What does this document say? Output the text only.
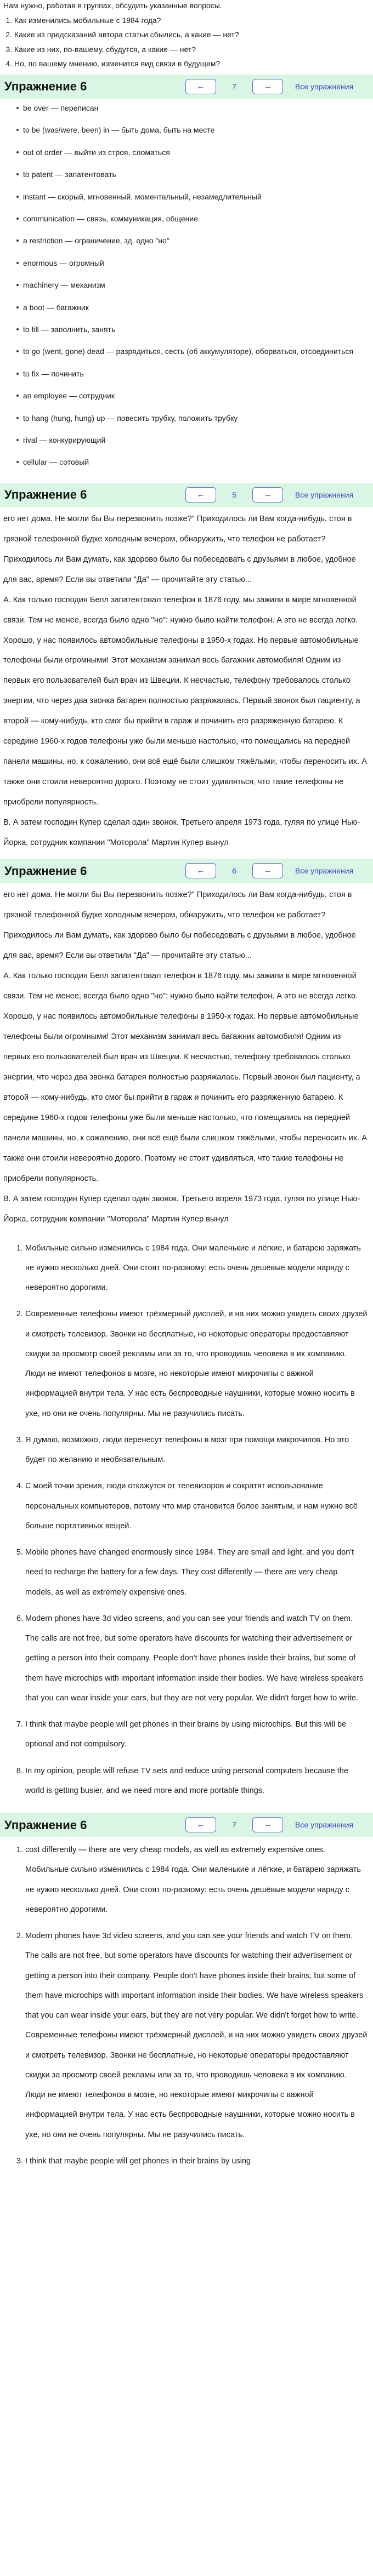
Нам нужно, работая в группах, обсудить указанные вопросы.

1. Как изменились мобильные с 1984 года?
2. Какие из предсказаний автора статьи сбылись, а какие — нет?
3. Какие из них, по-вашему, сбудутся, а какие — нет?
4. Но, по вашему мнению, изменится вид связи в будущем?
Упражнение 6	←	7	→	Все упражнения
be over — переписан
to be (was/were, been) in — быть дома, быть на месте
out of order — выйти из строя, сломаться
to patent — запатентовать
instant — скорый, мгновенный, моментальный, незамедлительный
communication — связь, коммуникация, общение
a restriction — ограничение, зд. одно "но"
enormous — огромный
machinery — механизм
a boot — багажник
to fill — заполнить, занять
to go (went, gone) dead — разрядиться, сесть (об аккумуляторе), оборваться, отсоединиться
to fix — починить
an employee — сотрудник
to hang (hung, hung) up — повесить трубку, положить трубку
rival — конкурирующий
cellular — сотовый
Упражнение 6	←	5	→	Все упражнения

его нет дома. Не могли бы Вы перезвонить позже?" Приходилось ли Вам когда-нибудь, стоя в грязной телефонной будке холодным вечером, обнаружить, что телефон не работает? Приходилось ли Вам думать, как здорово было бы побеседовать с друзьями в любое, удобное для вас, время? Если вы ответили "Да" — прочитайте эту статью...

А. Как только господин Белл запатентовал телефон в 1876 году, мы зажили в мире мгновенной связи. Тем не менее, всегда было одно "но": нужно было найти телефон. А это не всегда легко. Хорошо, у нас появилось автомобильные телефоны в 1950-х годах. Но первые автомобильные телефоны были огромными! Этот механизм занимал весь багажник автомобиля! Одним из первых его пользователей был врач из Швеции. К несчастью, телефону требовалось столько энергии, что через два звонка батарея полностью разряжалась. Первый звонок был пациенту, а второй — кому-нибудь, кто смог бы прийти в гараж и починить его разряженную батарею. К середине 1960-х годов телефоны уже были меньше настолько, что помещались на передней панели машины, но, к сожалению, они всё ещё были слишком тяжёлыми, чтобы переносить их. А также они стоили невероятно дорого. Поэтому не стоит удивляться, что такие телефоны не приобрели популярность.

В. А затем господин Купер сделал один звонок. Третьего апреля 1973 года, гуляя по улице Нью-Йорка, сотрудник компании "Моторола" Мартин Купер вынул

Упражнение 6	←	6	→	Все упражнения

его нет дома. Не могли бы Вы перезвонить позже?" Приходилось ли Вам когда-нибудь, стоя в грязной телефонной будке холодным вечером, обнаружить, что телефон не работает? Приходилось ли Вам думать, как здорово было бы побеседовать с друзьями в любое, удобное для вас, время? Если вы ответили "Да" — прочитайте эту статью...

А. Как только господин Белл запатентовал телефон в 1876 году, мы зажили в мире мгновенной связи. Тем не менее, всегда было одно "но": нужно было найти телефон. А это не всегда легко. Хорошо, у нас появилось автомобильные телефоны в 1950-х годах. Но первые автомобильные телефоны были огромными! Этот механизм занимал весь багажник автомобиля! Одним из первых его пользователей был врач из Швеции. К несчастью, телефону требовалось столько энергии, что через два звонка батарея полностью разряжалась. Первый звонок был пациенту, а второй — кому-нибудь, кто смог бы прийти в гараж и починить его разряженную батарею. К середине 1960-х годов телефоны уже были меньше настолько, что помещались на передней панели машины, но, к сожалению, они всё ещё были слишком тяжёлыми, чтобы переносить их. А также они стоили невероятно дорого. Поэтому не стоит удивляться, что такие телефоны не приобрели популярность.

В. А затем господин Купер сделал один звонок. Третьего апреля 1973 года, гуляя по улице Нью-Йорка, сотрудник компании "Моторола" Мартин Купер вынул

1. Мобильные сильно изменились с 1984 года. Они маленькие и лёгкие, и батарею заряжать не нужно несколько дней. Они стоят по-разному: есть очень дешёвые модели наряду с невероятно дорогими.
2. Современные телефоны имеют трёхмерный дисплей, и на них можно увидеть своих друзей и смотреть телевизор. Звонки не бесплатные, но некоторые операторы предоставляют скидки за просмотр своей рекламы или за то, что проводишь человека в их компанию. Люди не имеют телефонов в мозге, но некоторые имеют микрочипы с важной информацией внутри тела. У нас есть беспроводные наушники, которые можно носить в ухе, но они не очень популярны. Мы не разучились писать.
3. Я думаю, возможно, люди перенесут телефоны в мозг при помощи микрочипов. Но это будет по желанию и необязательным.
4. С моей точки зрения, люди откажутся от телевизоров и сократят использование персональных компьютеров, потому что мир становится более занятым, и нам нужно всё больше портативных вещей.
5. Mobile phones have changed enormously since 1984. They are small and light, and you don't need to recharge the battery for a few days. They cost differently — there are very cheap models, as well as extremely expensive ones.
6. Modern phones have 3d video screens, and you can see your friends and watch TV on them. The calls are not free, but some operators have discounts for watching their advertisement or getting a person into their company. People don't have phones inside their brains, but some of them have microchips with important information inside their bodies. We have wireless speakers that you can wear inside your ears, but they are not very popular. We didn't forget how to write.
7. I think that maybe people will get phones in their brains by using microchips. But this will be optional and not compulsory.
8. In my opinion, people will refuse TV sets and reduce using personal computers because the world is getting busier, and we need more and more portable things.
Упражнение 6	←	7	→	Все упражнения
1. cost differently — there are very cheap models, as well as extremely expensive ones. Мобильные сильно изменились с 1984 года. Они маленькие и лёгкие, и батарею заряжать не нужно несколько дней. Они стоят по-разному: есть очень дешёвые модели наряду с невероятно дорогими.
2. Modern phones have 3d video screens, and you can see your friends and watch TV on them. The calls are not free, but some operators have discounts for watching their advertisement or getting a person into their company. People don't have phones inside their brains, but some of them have microchips with important information inside their bodies. We have wireless speakers that you can wear inside your ears, but they are not very popular. We didn't forget how to write. Современные телефоны имеют трёхмерный дисплей, и на них можно увидеть своих друзей и смотреть телевизор. Звонки не бесплатные, но некоторые операторы предоставляют скидки за просмотр своей рекламы или за то, что проводишь человека в их компанию. Люди не имеют телефонов в мозге, но некоторые имеют микрочипы с важной информацией внутри тела. У нас есть беспроводные наушники, которые можно носить в ухе, но они не очень популярны. Мы не разучились писать.
3. I think that maybe people will get phones in their brains by using
